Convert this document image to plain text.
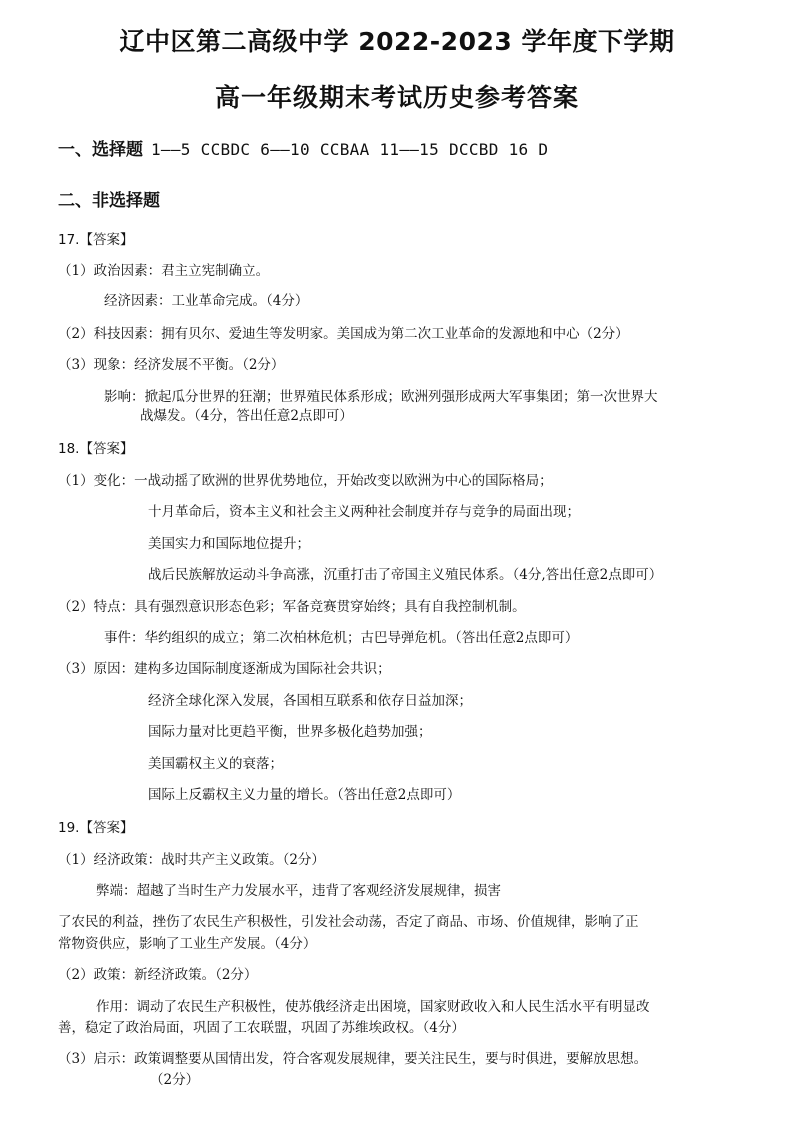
辽中区第二高级中学 2022-2023 学年度下学期
高一年级期末考试历史参考答案
一、选择题 1——5 CCBDC 6——10 CCBAA 11——15 DCCBD 16 D
二、非选择题
17.【答案】
（1）政治因素：君主立宪制确立。
经济因素：工业革命完成。（4分）
（2）科技因素：拥有贝尔、爱迪生等发明家。美国成为第二次工业革命的发源地和中心（2分）
（3）现象：经济发展不平衡。（2分）
影响：掀起瓜分世界的狂潮；世界殖民体系形成；欧洲列强形成两大军事集团；第一次世界大
战爆发。（4分，答出任意2点即可）
18.【答案】
（1）变化：一战动摇了欧洲的世界优势地位，开始改变以欧洲为中心的国际格局；
十月革命后，资本主义和社会主义两种社会制度并存与竞争的局面出现；
美国实力和国际地位提升；
战后民族解放运动斗争高涨，沉重打击了帝国主义殖民体系。（4分,答出任意2点即可）
（2）特点：具有强烈意识形态色彩；军备竞赛贯穿始终；具有自我控制机制。
事件：华约组织的成立；第二次柏林危机；古巴导弹危机。（答出任意2点即可）
（3）原因：建构多边国际制度逐渐成为国际社会共识；
经济全球化深入发展，各国相互联系和依存日益加深；
国际力量对比更趋平衡，世界多极化趋势加强；
美国霸权主义的衰落；
国际上反霸权主义力量的增长。（答出任意2点即可）
19.【答案】
（1）经济政策：战时共产主义政策。（2分）
弊端：超越了当时生产力发展水平，违背了客观经济发展规律，损害
了农民的利益，挫伤了农民生产积极性，引发社会动荡，否定了商品、市场、价值规律，影响了正
常物资供应，影响了工业生产发展。（4分）
（2）政策：新经济政策。（2分）
作用：调动了农民生产积极性，使苏俄经济走出困境，国家财政收入和人民生活水平有明显改
善，稳定了政治局面，巩固了工农联盟，巩固了苏维埃政权。（4分）
（3）启示：政策调整要从国情出发，符合客观发展规律，要关注民生，要与时俱进，要解放思想。
（2分）
